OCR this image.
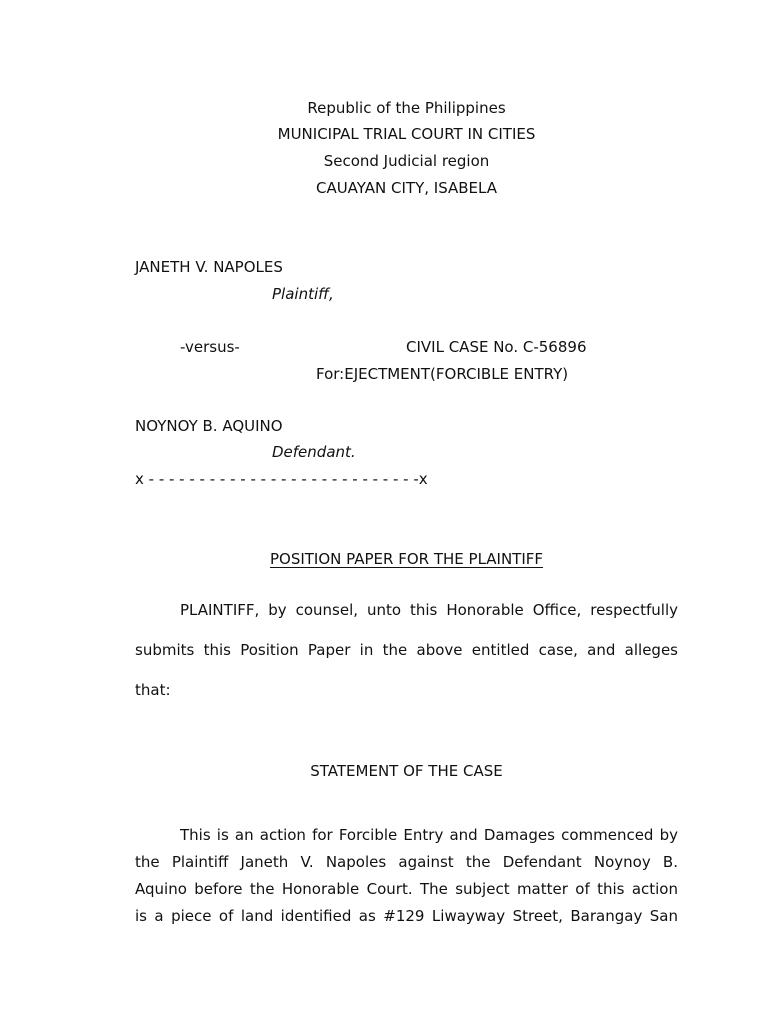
Republic of the Philippines
MUNICIPAL TRIAL COURT IN CITIES
Second Judicial region
CAUAYAN CITY, ISABELA
JANETH V. NAPOLES
Plaintiff,
-versus-	CIVIL CASE No. C-56896
For:EJECTMENT(FORCIBLE ENTRY)
NOYNOY B. AQUINO
Defendant.
x - - - - - - - - - - - - - - - - - - - - - - - - - - -x
POSITION PAPER FOR THE PLAINTIFF
PLAINTIFF, by counsel, unto this Honorable Office, respectfully
submits this Position Paper in the above entitled case, and alleges
that:
STATEMENT OF THE CASE
This is an action for Forcible Entry and Damages commenced by
the Plaintiff Janeth V. Napoles against the Defendant Noynoy B.
Aquino before the Honorable Court. The subject matter of this action
is a piece of land identified as #129 Liwayway Street, Barangay San
